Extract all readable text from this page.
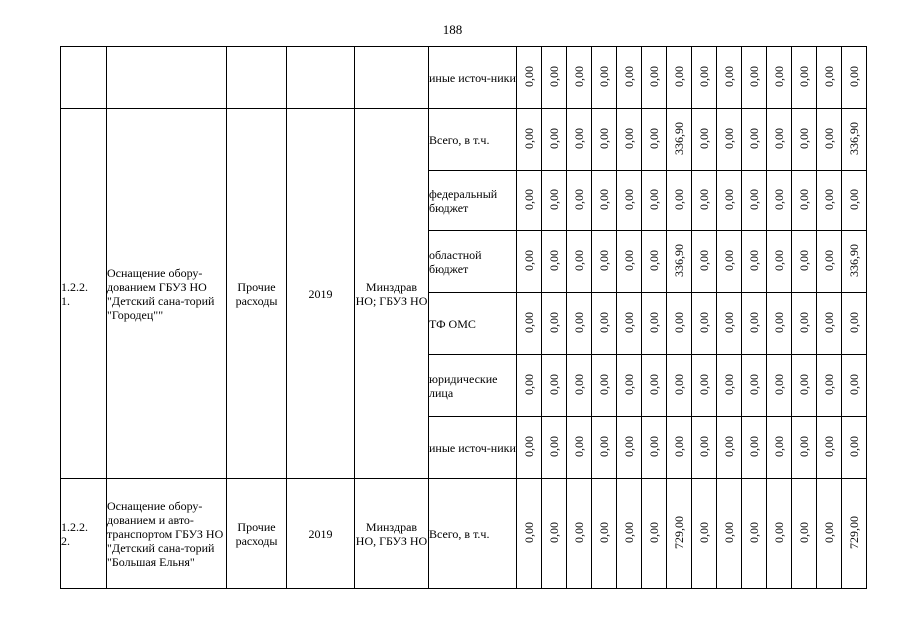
188
					иные источ-ники	0,00	0,00	0,00	0,00	0,00	0,00	0,00	0,00	0,00	0,00	0,00	0,00	0,00	0,00
1.2.2.
1.	Оснащение обору-дованием ГБУЗ НО "Детский сана-торий "Городец""	Прочие расходы	2019	Минздрав НО; ГБУЗ НО	Всего, в т.ч.	0,00	0,00	0,00	0,00	0,00	0,00	336,90	0,00	0,00	0,00	0,00	0,00	0,00	336,90
					федеральный бюджет	0,00	0,00	0,00	0,00	0,00	0,00	0,00	0,00	0,00	0,00	0,00	0,00	0,00	0,00
					областной бюджет	0,00	0,00	0,00	0,00	0,00	0,00	336,90	0,00	0,00	0,00	0,00	0,00	0,00	336,90
					ТФ ОМС	0,00	0,00	0,00	0,00	0,00	0,00	0,00	0,00	0,00	0,00	0,00	0,00	0,00	0,00
					юридические лица	0,00	0,00	0,00	0,00	0,00	0,00	0,00	0,00	0,00	0,00	0,00	0,00	0,00	0,00
					иные источ-ники	0,00	0,00	0,00	0,00	0,00	0,00	0,00	0,00	0,00	0,00	0,00	0,00	0,00	0,00
1.2.2.
2.	Оснащение обору-дованием и авто-транспортом ГБУЗ НО "Детский сана-торий "Большая Ельня"	Прочие расходы	2019	Минздрав НО, ГБУЗ НО	Всего, в т.ч.	0,00	0,00	0,00	0,00	0,00	0,00	729,00	0,00	0,00	0,00	0,00	0,00	0,00	729,00
